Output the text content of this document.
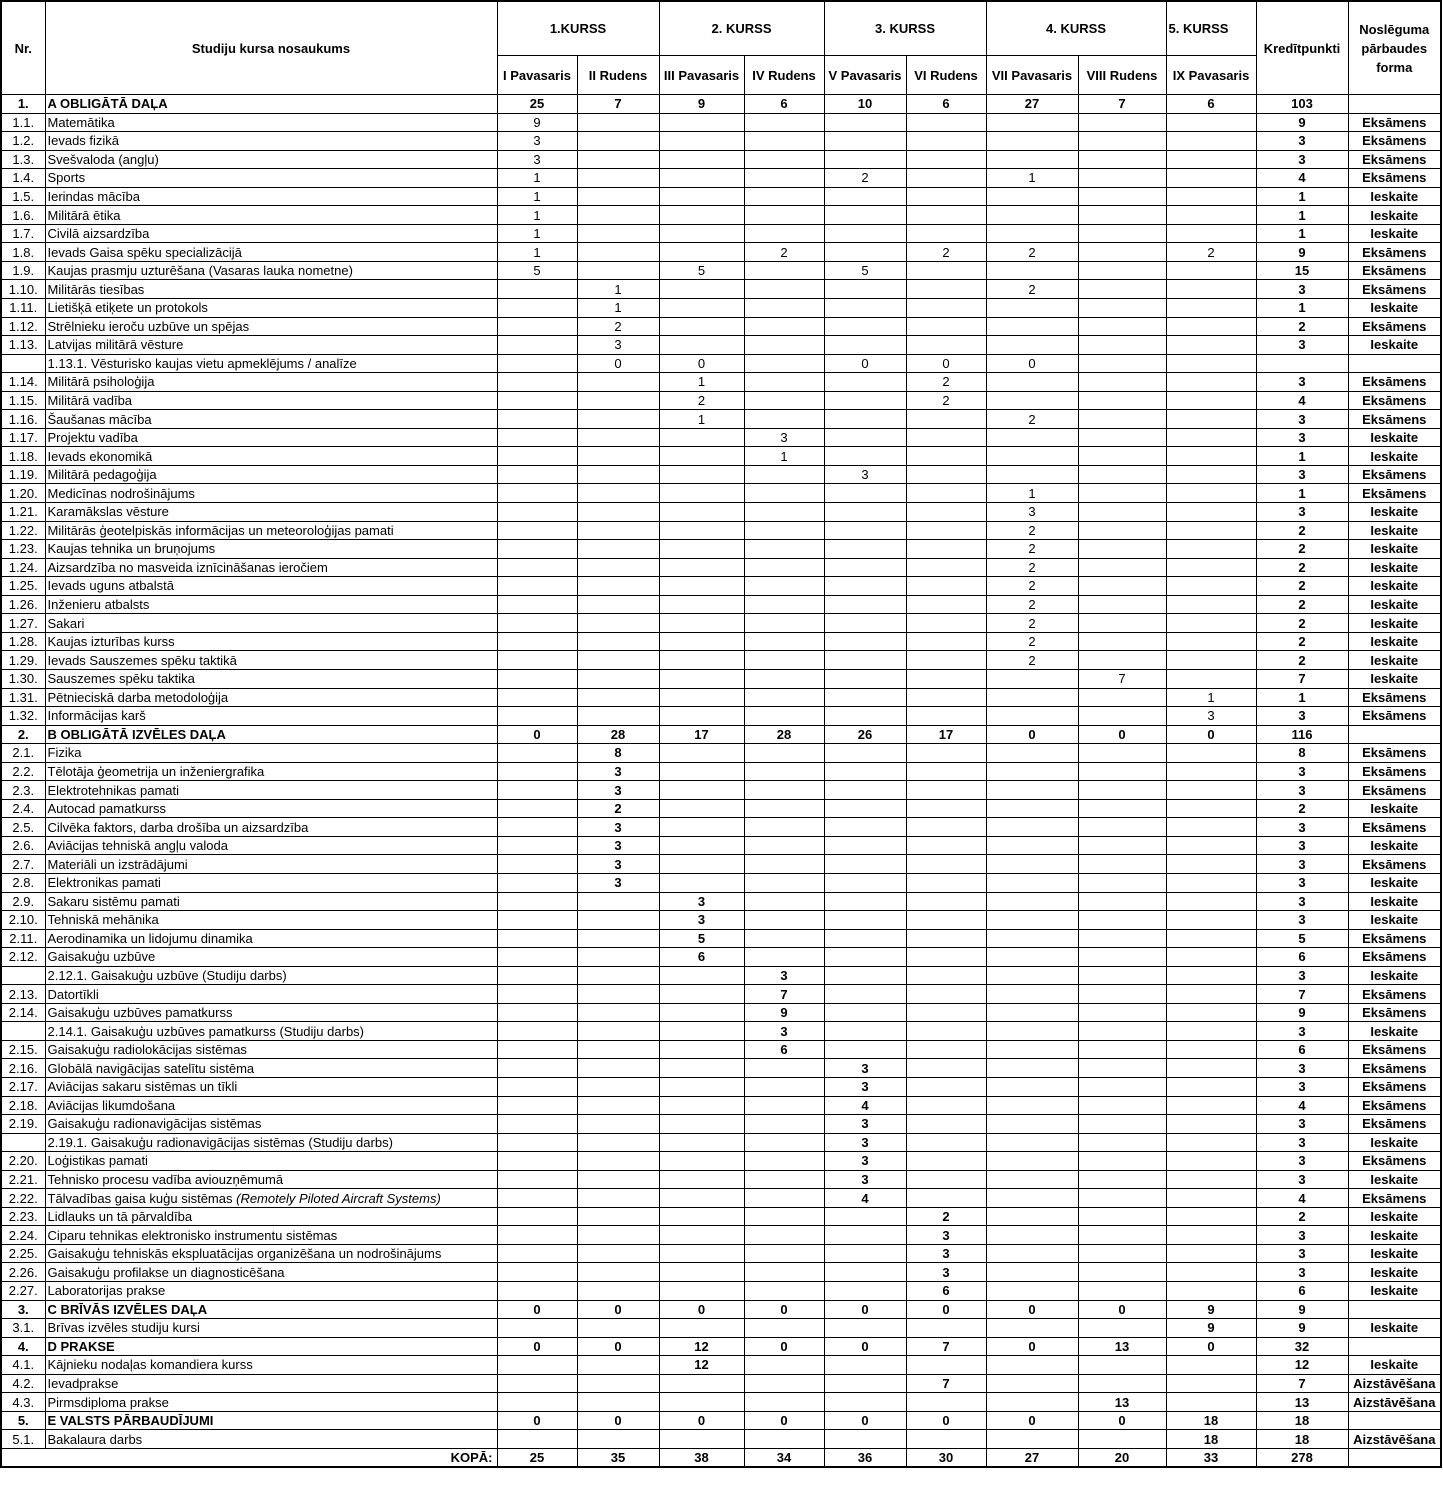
Nr.	Studiju kursa nosaukums	1.KURSS		2. KURSS		3. KURSS		4. KURSS		5. KURSS	Kredītpunkti	Noslēguma pārbaudes forma
		I Pavasaris	II Rudens	III Pavasaris	IV Rudens	V Pavasaris	VI Rudens	VII Pavasaris	VIII Rudens	IX Pavasaris		
1.	A OBLIGĀTĀ DAĻA	25	7	9	6	10	6	27	7	6	103	
1.1.	Matemātika	9									9	Eksāmens
1.2.	Ievads fizikā	3									3	Eksāmens
1.3.	Svešvaloda (angļu)	3									3	Eksāmens
1.4.	Sports	1				2		1			4	Eksāmens
1.5.	Ierindas mācība	1									1	Ieskaite
1.6.	Militārā ētika	1									1	Ieskaite
1.7.	Civilā aizsardzība	1									1	Ieskaite
1.8.	Ievads Gaisa spēku specializācijā	1			2		2	2		2	9	Eksāmens
1.9.	Kaujas prasmju uzturēšana (Vasaras lauka nometne)	5		5		5					15	Eksāmens
1.10.	Militārās tiesības		1					2			3	Eksāmens
1.11.	Lietišķā etiķete un protokols		1								1	Ieskaite
1.12.	Strēlnieku ieroču uzbūve un spējas		2								2	Eksāmens
1.13.	Latvijas militārā vēsture		3								3	Ieskaite
	1.13.1. Vēsturisko kaujas vietu apmeklējums / analīze		0	0		0	0	0				
1.14.	Militārā psiholoģija			1			2				3	Eksāmens
1.15.	Militārā vadība			2			2				4	Eksāmens
1.16.	Šaušanas mācība			1				2			3	Eksāmens
1.17.	Projektu vadība				3						3	Ieskaite
1.18.	Ievads ekonomikā				1						1	Ieskaite
1.19.	Militārā pedagoģija					3					3	Eksāmens
1.20.	Medicīnas nodrošinājums							1			1	Eksāmens
1.21.	Karamākslas vēsture							3			3	Ieskaite
1.22.	Militārās ģeotelpiskās informācijas un meteoroloģijas pamati							2			2	Ieskaite
1.23.	Kaujas tehnika un bruņojums							2			2	Ieskaite
1.24.	Aizsardzība no masveida iznīcināšanas ieročiem							2			2	Ieskaite
1.25.	Ievads uguns atbalstā							2			2	Ieskaite
1.26.	Inženieru atbalsts							2			2	Ieskaite
1.27.	Sakari							2			2	Ieskaite
1.28.	Kaujas izturības kurss							2			2	Ieskaite
1.29.	Ievads Sauszemes spēku taktikā							2			2	Ieskaite
1.30.	Sauszemes spēku taktika								7		7	Ieskaite
1.31.	Pētnieciskā darba metodoloģija									1	1	Eksāmens
1.32.	Informācijas karš									3	3	Eksāmens
2.	B OBLIGĀTĀ IZVĒLES DAĻA	0	28	17	28	26	17	0	0	0	116	
2.1.	Fizika		8								8	Eksāmens
2.2.	Tēlotāja ģeometrija un inženiergrafika		3								3	Eksāmens
2.3.	Elektrotehnikas pamati		3								3	Eksāmens
2.4.	Autocad pamatkurss		2								2	Ieskaite
2.5.	Cilvēka faktors, darba drošība un aizsardzība		3								3	Eksāmens
2.6.	Aviācijas tehniskā angļu valoda		3								3	Ieskaite
2.7.	Materiāli un izstrādājumi		3								3	Eksāmens
2.8.	Elektronikas pamati		3								3	Ieskaite
2.9.	Sakaru sistēmu pamati			3							3	Ieskaite
2.10.	Tehniskā mehānika			3							3	Ieskaite
2.11.	Aerodinamika un lidojumu dinamika			5							5	Eksāmens
2.12.	Gaisakuģu uzbūve			6							6	Eksāmens
	2.12.1. Gaisakuģu uzbūve (Studiju darbs)				3						3	Ieskaite
2.13.	Datortīkli				7						7	Eksāmens
2.14.	Gaisakuģu uzbūves pamatkurss				9						9	Eksāmens
	2.14.1. Gaisakuģu uzbūves pamatkurss (Studiju darbs)				3						3	Ieskaite
2.15.	Gaisakuģu radiolokācijas sistēmas				6						6	Eksāmens
2.16.	Globālā navigācijas satelītu sistēma					3					3	Eksāmens
2.17.	Aviācijas sakaru sistēmas un tīkli					3					3	Eksāmens
2.18.	Aviācijas likumdošana					4					4	Eksāmens
2.19.	Gaisakuģu radionavigācijas sistēmas					3					3	Eksāmens
	2.19.1. Gaisakuģu radionavigācijas sistēmas (Studiju darbs)					3					3	Ieskaite
2.20.	Loģistikas pamati					3					3	Eksāmens
2.21.	Tehnisko procesu vadība aviouzņēmumā					3					3	Ieskaite
2.22.	Tālvadības gaisa kuģu sistēmas (Remotely Piloted Aircraft Systems)					4					4	Eksāmens
2.23.	Lidlauks un tā pārvaldība						2				2	Ieskaite
2.24.	Ciparu tehnikas elektronisko instrumentu sistēmas						3				3	Ieskaite
2.25.	Gaisakuģu tehniskās ekspluatācijas organizēšana un nodrošinājums						3				3	Ieskaite
2.26.	Gaisakuģu profilakse un diagnosticēšana						3				3	Ieskaite
2.27.	Laboratorijas prakse						6				6	Ieskaite
3.	C BRĪVĀS IZVĒLES DAĻA	0	0	0	0	0	0	0	0	9	9	
3.1.	Brīvas izvēles studiju kursi									9	9	Ieskaite
4.	D PRAKSE	0	0	12	0	0	7	0	13	0	32	
4.1.	Kājnieku nodaļas komandiera kurss			12							12	Ieskaite
4.2.	Ievadprakse						7				7	Aizstāvēšana
4.3.	Pirmsdiploma prakse								13		13	Aizstāvēšana
5.	E VALSTS PĀRBAUDĪJUMI	0	0	0	0	0	0	0	0	18	18	
5.1.	Bakalaura darbs									18	18	Aizstāvēšana
KOPĀ:		25	35	38	34	36	30	27	20	33	278	
